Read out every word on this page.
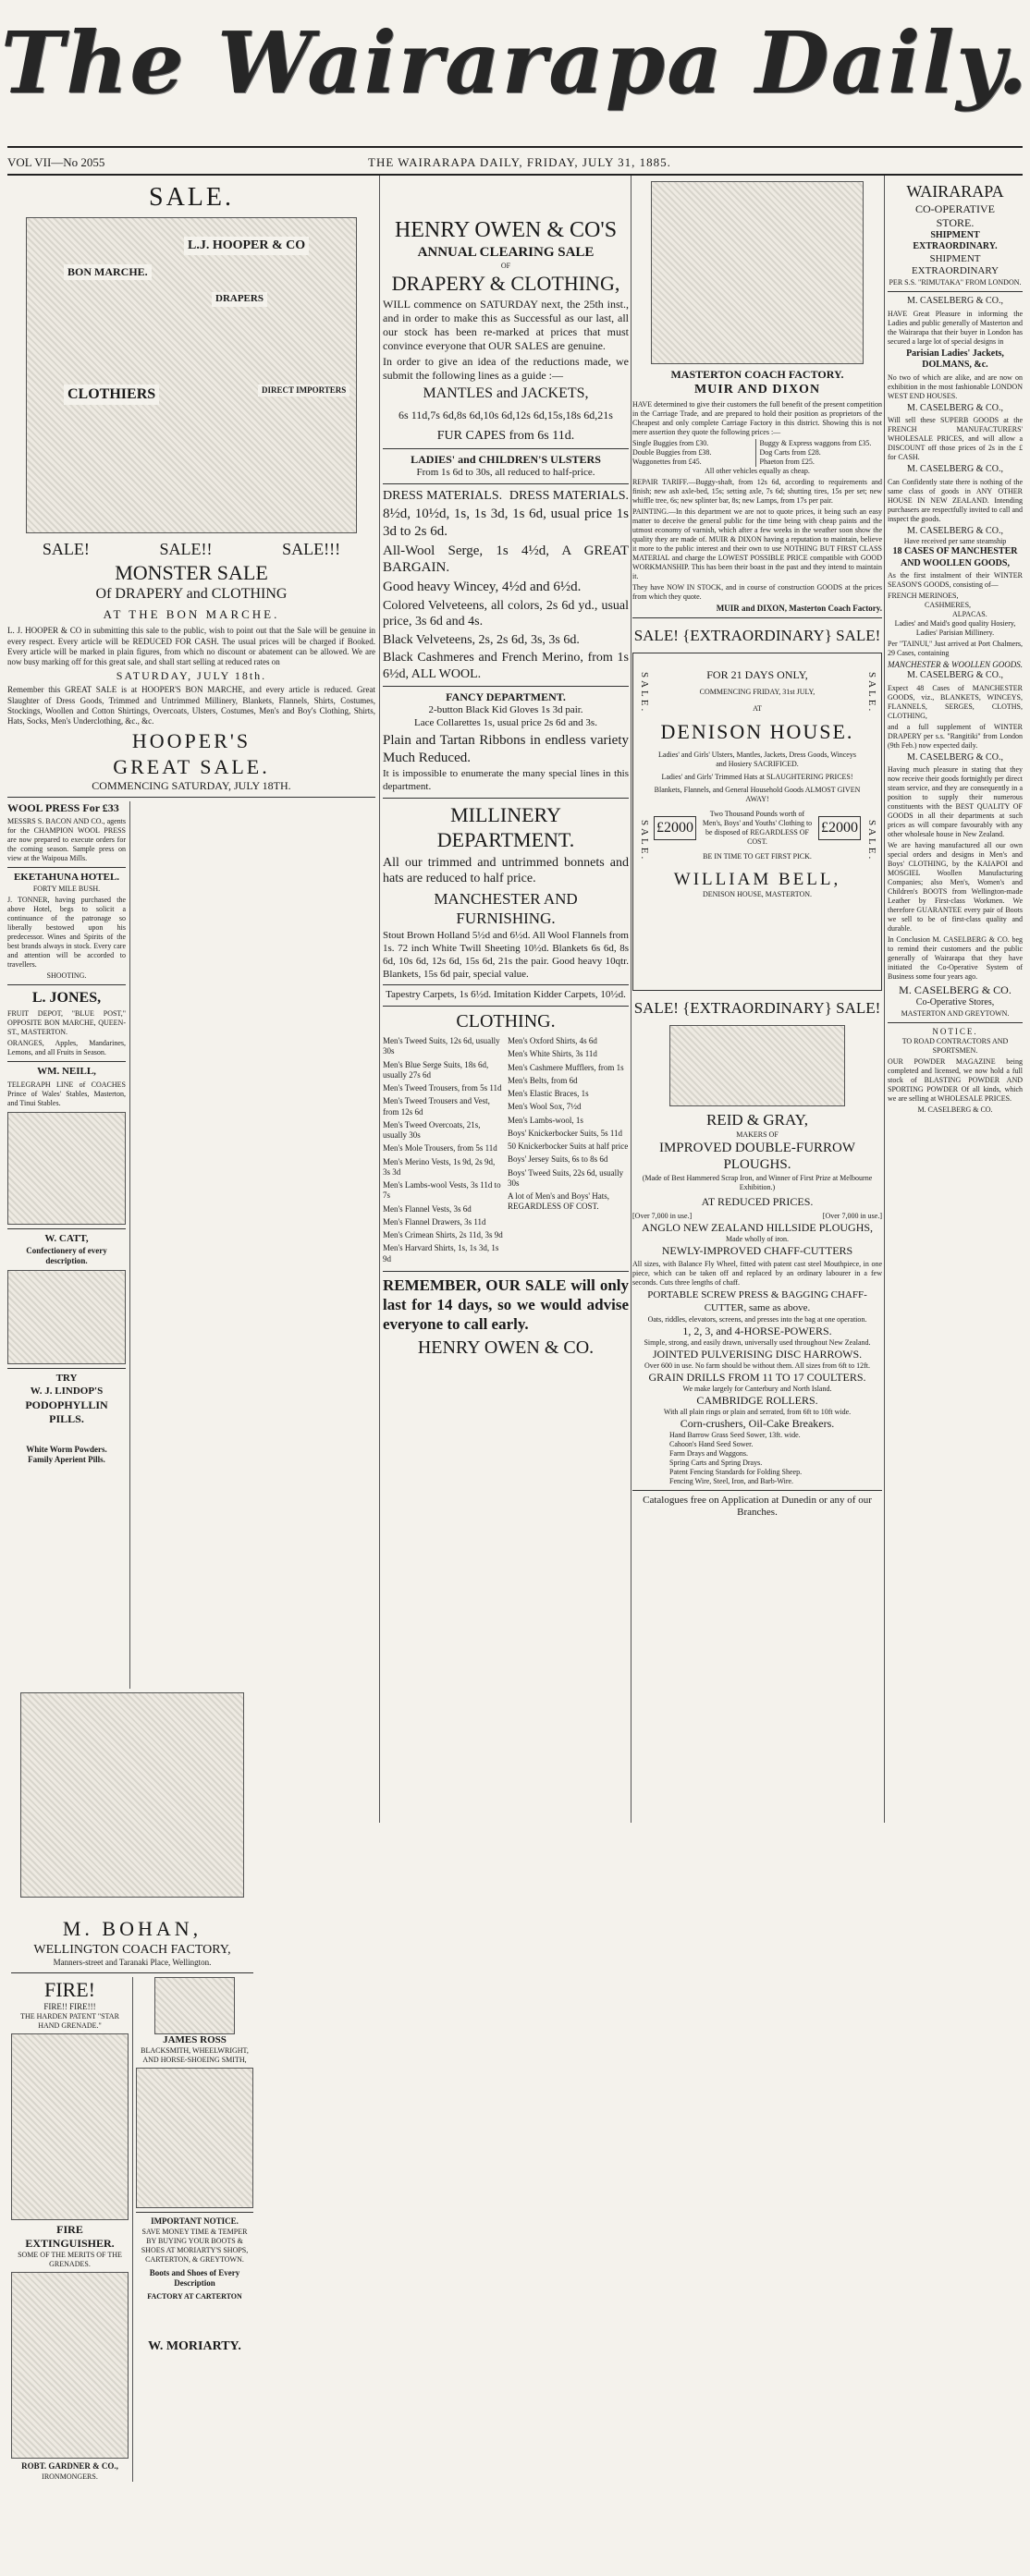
The Wairarapa Daily.
VOL VII—No 2055	THE WAIRARAPA DAILY, FRIDAY, JULY 31, 1885.
SALE.
BON MARCHE.
L.J. HOOPER & CO
DRAPERS
CLOTHIERS	DIRECT IMPORTERS
SALE!	SALE!!	SALE!!!
MONSTER SALE
Of DRAPERY and CLOTHING
AT THE BON MARCHE.

L. J. HOOPER & CO in submitting this sale to the public, wish to point out that the Sale will be genuine in every respect. Every article will be REDUCED FOR CASH. The usual prices will be charged if Booked. Every article will be marked in plain figures, from which no discount or abatement can be allowed. We are now busy marking off for this great sale, and shall start selling at reduced rates on

SATURDAY, JULY 18th.

Remember this GREAT SALE is at HOOPER'S BON MARCHE, and every article is reduced. Great Slaughter of Dress Goods, Trimmed and Untrimmed Millinery, Blankets, Flannels, Shirts, Costumes, Stockings, Woollen and Cotton Shirtings, Overcoats, Ulsters, Costumes, Men's and Boy's Clothing, Shirts, Hats, Socks, Men's Underclothing, &c., &c.

HOOPER'S
GREAT SALE.
COMMENCING SATURDAY, JULY 18TH.
WOOL PRESS For £33

MESSRS S. BACON AND CO., agents for the CHAMPION WOOL PRESS are now prepared to execute orders for the coming season. Sample press on view at the Waipoua Mills.

EKETAHUNA HOTEL.
FORTY MILE BUSH.

J. TONNER, having purchased the above Hotel, begs to solicit a continuance of the patronage so liberally bestowed upon his predecessor. Wines and Spirits of the best brands always in stock. Every care and attention will be accorded to travellers.

SHOOTING.
L. JONES,

FRUIT DEPOT, "BLUE POST," OPPOSITE BON MARCHE, QUEEN-ST., MASTERTON.

ORANGES, Apples, Mandarines, Lemons, and all Fruits in Season.

WM. NEILL,

TELEGRAPH LINE of COACHES Prince of Wales' Stables, Masterton, and Tinui Stables.

W. CATT,
Confectionery of every description.
TRY
W. J. LINDOP'S
PODOPHYLLIN PILLS.
White Worm Powders.
Family Aperient Pills.

M. BOHAN,
WELLINGTON COACH FACTORY,
Manners-street and Taranaki Place, Wellington.
FIRE!
FIRE!! FIRE!!!
THE HARDEN PATENT "STAR HAND GRENADE."
FIRE EXTINGUISHER.
SOME OF THE MERITS OF THE GRENADES.
ROBT. GARDNER & CO.,
IRONMONGERS.
JAMES ROSS
BLACKSMITH, WHEELWRIGHT, AND HORSE-SHOEING SMITH,
IMPORTANT NOTICE.
SAVE MONEY TIME & TEMPER BY BUYING YOUR BOOTS & SHOES AT MORIARTY'S SHOPS,
CARTERTON, & GREYTOWN.
Boots and Shoes of Every Description
FACTORY AT CARTERTON
W. MORIARTY.
HENRY OWEN & CO'S
ANNUAL CLEARING SALE
OF
DRAPERY & CLOTHING,

WILL commence on SATURDAY next, the 25th inst., and in order to make this as Successful as our last, all our stock has been re-marked at prices that must convince everyone that OUR SALES are genuine.

In order to give an idea of the reductions made, we submit the following lines as a guide :—

MANTLES and JACKETS,
6s 11d,7s 6d,8s 6d,10s 6d,12s 6d,15s,18s 6d,21s
FUR CAPES from 6s 11d.
LADIES' and CHILDREN'S ULSTERS
From 1s 6d to 30s, all reduced to half-price.
DRESS MATERIALS. DRESS MATERIALS.

8½d, 10½d, 1s, 1s 3d, 1s 6d, usual price 1s 3d to 2s 6d.

All-Wool Serge, 1s 4½d, A GREAT BARGAIN.

Good heavy Wincey, 4½d and 6½d.

Colored Velveteens, all colors, 2s 6d yd., usual price, 3s 6d and 4s.

Black Velveteens, 2s, 2s 6d, 3s, 3s 6d.

Black Cashmeres and French Merino, from 1s 6½d, ALL WOOL.

FANCY DEPARTMENT.
2-button Black Kid Gloves 1s 3d pair.
Lace Collarettes 1s, usual price 2s 6d and 3s.

Plain and Tartan Ribbons in endless variety Much Reduced.

It is impossible to enumerate the many special lines in this department.

MILLINERY DEPARTMENT.

All our trimmed and untrimmed bonnets and hats are reduced to half price.

MANCHESTER AND FURNISHING.

Stout Brown Holland 5½d and 6½d. All Wool Flannels from 1s. 72 inch White Twill Sheeting 10½d. Blankets 6s 6d, 8s 6d, 10s 6d, 12s 6d, 15s 6d, 21s the pair. Good heavy 10qtr. Blankets, 15s 6d pair, special value.

Tapestry Carpets, 1s 6½d. Imitation Kidder Carpets, 10½d.
CLOTHING.
Men's Tweed Suits, 12s 6d, usually 30s
Men's Blue Serge Suits, 18s 6d, usually 27s 6d
Men's Tweed Trousers, from 5s 11d
Men's Tweed Trousers and Vest, from 12s 6d
Men's Tweed Overcoats, 21s, usually 30s
Men's Mole Trousers, from 5s 11d
Men's Merino Vests, 1s 9d, 2s 9d, 3s 3d
Men's Lambs-wool Vests, 3s 11d to 7s
Men's Flannel Vests, 3s 6d
Men's Flannel Drawers, 3s 11d
Men's Crimean Shirts, 2s 11d, 3s 9d
Men's Harvard Shirts, 1s, 1s 3d, 1s 9d
Men's Oxford Shirts, 4s 6d
Men's White Shirts, 3s 11d
Men's Cashmere Mufflers, from 1s
Men's Belts, from 6d
Men's Elastic Braces, 1s
Men's Wool Sox, 7½d
Men's Lambs-wool, 1s
Boys' Knickerbocker Suits, 5s 11d
50 Knickerbocker Suits at half price
Boys' Jersey Suits, 6s to 8s 6d
Boys' Tweed Suits, 22s 6d, usually 30s
A lot of Men's and Boys' Hats, REGARDLESS OF COST.

REMEMBER, OUR SALE will only last for 14 days, so we would advise everyone to call early.

HENRY OWEN & CO.
MASTERTON COACH FACTORY.
MUIR AND DIXON

HAVE determined to give their customers the full benefit of the present competition in the Carriage Trade, and are prepared to hold their position as proprietors of the Cheapest and only complete Carriage Factory in this district. Showing this is not mere assertion they quote the following prices :—

Single Buggies from £30.
Double Buggies from £38.
Waggonettes from £45.
Buggy & Express waggons from £35.
Dog Carts from £28.
Phaeton from £25.
All other vehicles equally as cheap.

REPAIR TARIFF.—Buggy-shaft, from 12s 6d, according to requirements and finish; new ash axle-bed, 15s; setting axle, 7s 6d; shutting tires, 15s per set; new whiffle tree, 6s; new splinter bar, 8s; new Lamps, from 17s per pair.

PAINTING.—In this department we are not to quote prices, it being such an easy matter to deceive the general public for the time being with cheap paints and the utmost economy of varnish, which after a few weeks in the weather soon show the quality they are made of. MUIR & DIXON having a reputation to maintain, believe it more to the public interest and their own to use NOTHING BUT FIRST CLASS MATERIAL and charge the LOWEST POSSIBLE PRICE compatible with GOOD WORKMANSHIP. This has been their boast in the past and they intend to maintain it.

They have NOW IN STOCK, and in course of construction GOODS at the prices from which they quote.

MUIR and DIXON, Masterton Coach Factory.
SALE! {EXTRAORDINARY} SALE!
SALE.
SALE.
SALE.
SALE.
FOR 21 DAYS ONLY,
COMMENCING FRIDAY, 31st JULY,
AT
DENISON HOUSE.
Ladies' and Girls' Ulsters, Mantles, Jackets, Dress Goods, Winceys and Hosiery SACRIFICED.
Ladies' and Girls' Trimmed Hats at SLAUGHTERING PRICES!
Blankets, Flannels, and General Household Goods ALMOST GIVEN AWAY!
£2000
Two Thousand Pounds worth of Men's, Boys' and Youths' Clothing to be disposed of REGARDLESS OF COST.
£2000
BE IN TIME TO GET FIRST PICK.
WILLIAM BELL,
DENISON HOUSE, MASTERTON.
SALE! {EXTRAORDINARY} SALE!
REID & GRAY,
MAKERS OF
IMPROVED DOUBLE-FURROW PLOUGHS.
(Made of Best Hammered Scrap Iron, and Winner of First Prize at Melbourne Exhibition.)
AT REDUCED PRICES.
[Over 7,000 in use.]	[Over 7,000 in use.]
ANGLO NEW ZEALAND HILLSIDE PLOUGHS,
Made wholly of iron.
NEWLY-IMPROVED CHAFF-CUTTERS

All sizes, with Balance Fly Wheel, fitted with patent cast steel Mouthpiece, in one piece, which can be taken off and replaced by an ordinary labourer in a few seconds. Cuts three lengths of chaff.

PORTABLE SCREW PRESS & BAGGING CHAFF-CUTTER, same as above.
Oats, riddles, elevators, screens, and presses into the bag at one operation.
1, 2, 3, and 4-HORSE-POWERS.
Simple, strong, and easily drawn, universally used throughout New Zealand.
JOINTED PULVERISING DISC HARROWS.
Over 600 in use. No farm should be without them. All sizes from 6ft to 12ft.
GRAIN DRILLS FROM 11 TO 17 COULTERS.
We make largely for Canterbury and North Island.
CAMBRIDGE ROLLERS.
With all plain rings or plain and serrated, from 6ft to 10ft wide.
Corn-crushers, Oil-Cake Breakers.
Hand Barrow Grass Seed Sower, 13ft. wide.
Cahoon's Hand Seed Sower.
Farm Drays and Waggons.
Spring Carts and Spring Drays.
Patent Fencing Standards for Folding Sheep.
Fencing Wire, Steel, Iron, and Barb-Wire.
Catalogues free on Application at Dunedin or any of our Branches.
WAIRARAPA
CO-OPERATIVE
STORE.
SHIPMENT EXTRAORDINARY.
SHIPMENT EXTRAORDINARY
PER S.S. "RIMUTAKA" FROM LONDON.
M. CASELBERG & CO.,

HAVE Great Pleasure in informing the Ladies and public generally of Masterton and the Wairarapa that their buyer in London has secured a large lot of special designs in

Parisian Ladies' Jackets, DOLMANS, &c.

No two of which are alike, and are now on exhibition in the most fashionable LONDON WEST END HOUSES.

M. CASELBERG & CO.,

Will sell these SUPERB GOODS at the FRENCH MANUFACTURERS' WHOLESALE PRICES, and will allow a DISCOUNT off those prices of 2s in the £ for CASH.

M. CASELBERG & CO.,

Can Confidently state there is nothing of the same class of goods in ANY OTHER HOUSE IN NEW ZEALAND. Intending purchasers are respectfully invited to call and inspect the goods.

M. CASELBERG & CO.,
Have received per same steamship
18 CASES OF MANCHESTER AND WOOLLEN GOODS,

As the first instalment of their WINTER SEASON'S GOODS, consisting of—

FRENCH MERINOES,
CASHMERES,
ALPACAS.
Ladies' and Maid's good quality Hosiery, Ladies' Parisian Millinery.

Per "TAINUI," Just arrived at Port Chalmers, 29 Cases, containing

MANCHESTER & WOOLLEN GOODS.
M. CASELBERG & CO.,

Expect 48 Cases of MANCHESTER GOODS, viz., BLANKETS, WINCEYS, FLANNELS, SERGES, CLOTHS, CLOTHING,

and a full supplement of WINTER DRAPERY per s.s. "Rangitiki" from London (9th Feb.) now expected daily.

M. CASELBERG & CO.,

Having much pleasure in stating that they now receive their goods fortnightly per direct steam service, and they are consequently in a position to supply their numerous constituents with the BEST QUALITY OF GOODS in all their departments at such prices as will compare favourably with any other wholesale house in New Zealand.

We are having manufactured all our own special orders and designs in Men's and Boys' CLOTHING, by the KAIAPOI and MOSGIEL Woollen Manufacturing Companies; also Men's, Women's and Children's BOOTS from Wellington-made Leather by First-class Workmen. We therefore GUARANTEE every pair of Boots we sell to be of first-class quality and durable.

In Conclusion M. CASELBERG & CO. beg to remind their customers and the public generally of Wairarapa that they have initiated the Co-Operative System of Business some four years ago.

M. CASELBERG & CO.
Co-Operative Stores,
MASTERTON AND GREYTOWN.
NOTICE.
TO ROAD CONTRACTORS AND SPORTSMEN.

OUR POWDER MAGAZINE being completed and licensed, we now hold a full stock of BLASTING POWDER AND SPORTING POWDER Of all kinds, which we are selling at WHOLESALE PRICES.

M. CASELBERG & CO.
